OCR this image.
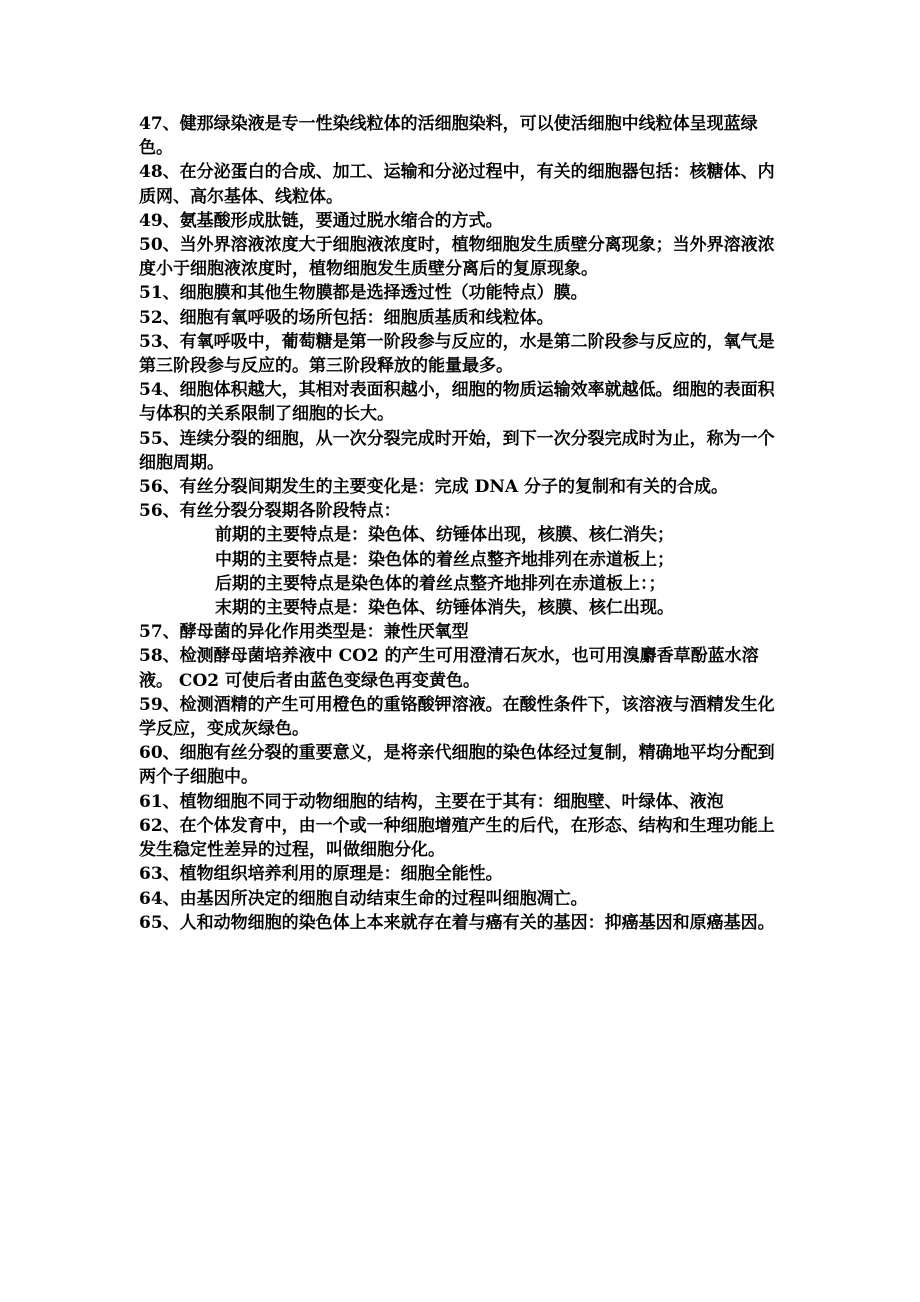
47、健那绿染液是专一性染线粒体的活细胞染料，可以使活细胞中线粒体呈现蓝绿色。

48、在分泌蛋白的合成、加工、运输和分泌过程中，有关的细胞器包括：核糖体、内质网、高尔基体、线粒体。

49、氨基酸形成肽链，要通过脱水缩合的方式。

50、当外界溶液浓度大于细胞液浓度时，植物细胞发生质壁分离现象；当外界溶液浓度小于细胞液浓度时，植物细胞发生质壁分离后的复原现象。

51、细胞膜和其他生物膜都是选择透过性（功能特点）膜。

52、细胞有氧呼吸的场所包括：细胞质基质和线粒体。

53、有氧呼吸中，葡萄糖是第一阶段参与反应的，水是第二阶段参与反应的，氧气是第三阶段参与反应的。第三阶段释放的能量最多。

54、细胞体积越大，其相对表面积越小，细胞的物质运输效率就越低。细胞的表面积与体积的关系限制了细胞的长大。

55、连续分裂的细胞，从一次分裂完成时开始，到下一次分裂完成时为止，称为一个细胞周期。

56、有丝分裂间期发生的主要变化是：完成 DNA 分子的复制和有关的合成。

56、有丝分裂分裂期各阶段特点：

前期的主要特点是：染色体、纺锤体出现，核膜、核仁消失；

中期的主要特点是：染色体的着丝点整齐地排列在赤道板上；

后期的主要特点是染色体的着丝点整齐地排列在赤道板上：；

末期的主要特点是：染色体、纺锤体消失，核膜、核仁出现。

57、酵母菌的异化作用类型是：兼性厌氧型

58、检测酵母菌培养液中 CO2 的产生可用澄清石灰水，也可用溴麝香草酚蓝水溶液。 CO2 可使后者由蓝色变绿色再变黄色。

59、检测酒精的产生可用橙色的重铬酸钾溶液。在酸性条件下，该溶液与酒精发生化学反应，变成灰绿色。

60、细胞有丝分裂的重要意义，是将亲代细胞的染色体经过复制，精确地平均分配到两个子细胞中。

61、植物细胞不同于动物细胞的结构，主要在于其有：细胞壁、叶绿体、液泡

62、在个体发育中，由一个或一种细胞增殖产生的后代，在形态、结构和生理功能上发生稳定性差异的过程，叫做细胞分化。

63、植物组织培养利用的原理是：细胞全能性。

64、由基因所决定的细胞自动结束生命的过程叫细胞凋亡。

65、人和动物细胞的染色体上本来就存在着与癌有关的基因：抑癌基因和原癌基因。
